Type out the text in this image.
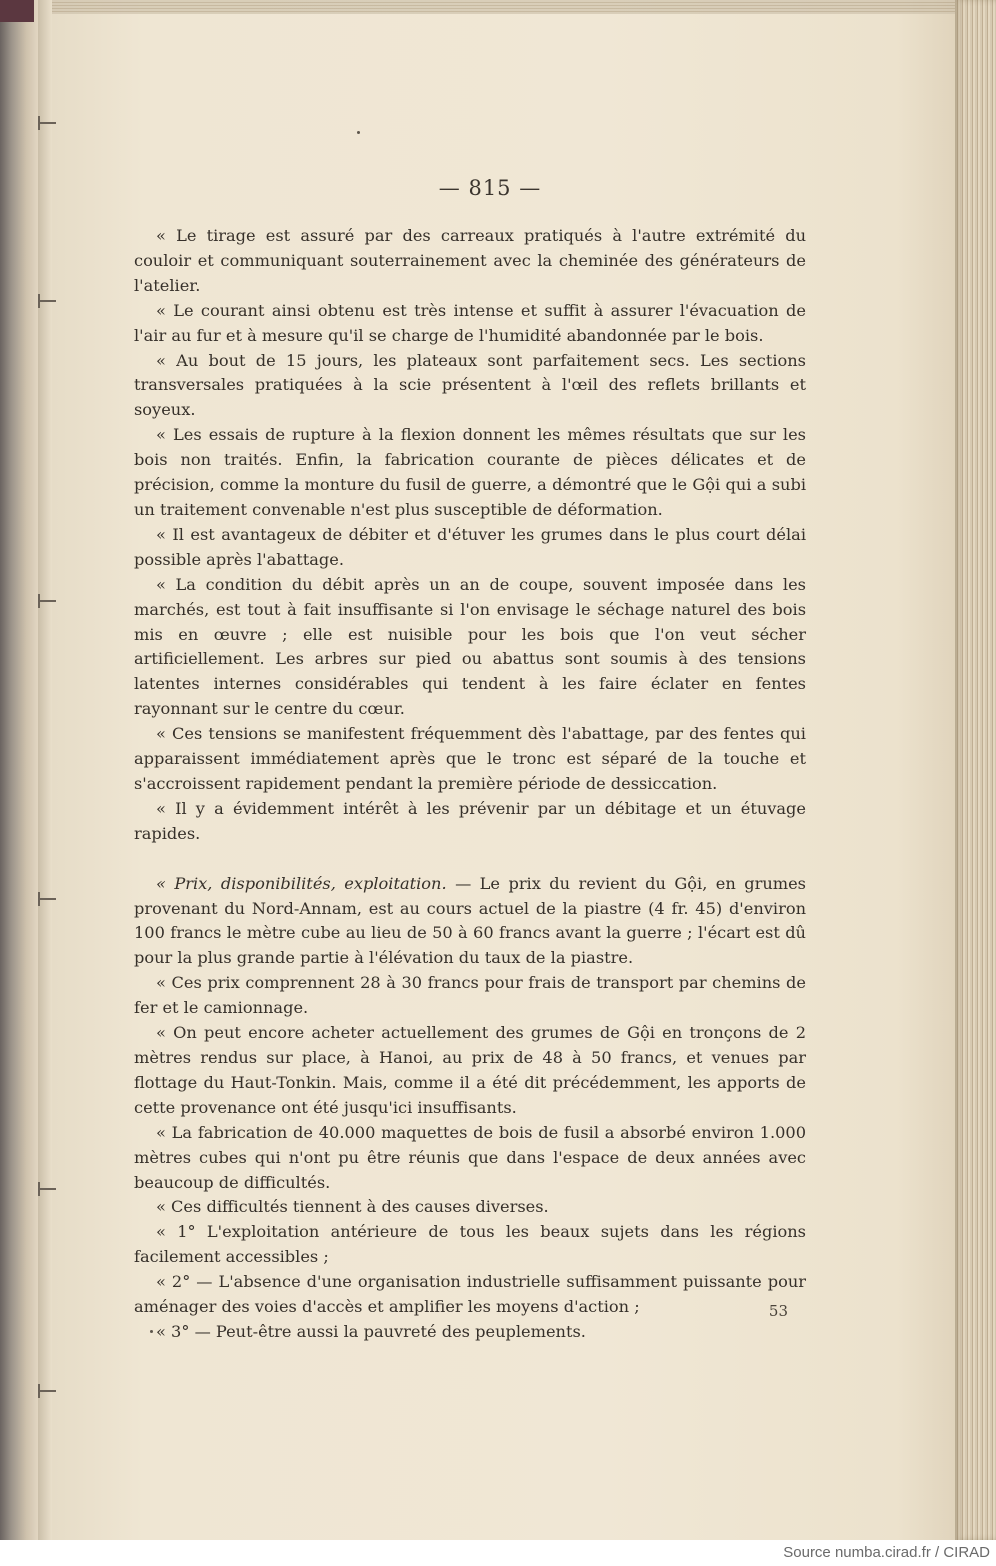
— 815 —

« Le tirage est assuré par des carreaux pratiqués à l'autre extrémité du couloir et communiquant souterrainement avec la cheminée des générateurs de l'atelier.

« Le courant ainsi obtenu est très intense et suffit à assurer l'évacuation de l'air au fur et à mesure qu'il se charge de l'humidité abandonnée par le bois.

« Au bout de 15 jours, les plateaux sont parfaitement secs. Les sections transversales pratiquées à la scie présentent à l'œil des reflets brillants et soyeux.

« Les essais de rupture à la flexion donnent les mêmes résultats que sur les bois non traités. Enfin, la fabrication courante de pièces délicates et de précision, comme la monture du fusil de guerre, a démontré que le Gội qui a subi un traitement convenable n'est plus susceptible de déformation.

« Il est avantageux de débiter et d'étuver les grumes dans le plus court délai possible après l'abattage.

« La condition du débit après un an de coupe, souvent imposée dans les marchés, est tout à fait insuffisante si l'on envisage le séchage naturel des bois mis en œuvre ; elle est nuisible pour les bois que l'on veut sécher artificiellement. Les arbres sur pied ou abattus sont soumis à des tensions latentes internes considérables qui tendent à les faire éclater en fentes rayonnant sur le centre du cœur.

« Ces tensions se manifestent fréquemment dès l'abattage, par des fentes qui apparaissent immédiatement après que le tronc est séparé de la touche et s'accroissent rapidement pendant la première période de dessiccation.

« Il y a évidemment intérêt à les prévenir par un débitage et un étuvage rapides.

« Prix, disponibilités, exploitation. — Le prix du revient du Gội, en grumes provenant du Nord-Annam, est au cours actuel de la piastre (4 fr. 45) d'environ 100 francs le mètre cube au lieu de 50 à 60 francs avant la guerre ; l'écart est dû pour la plus grande partie à l'élévation du taux de la piastre.

« Ces prix comprennent 28 à 30 francs pour frais de transport par chemins de fer et le camionnage.

« On peut encore acheter actuellement des grumes de Gội en tronçons de 2 mètres rendus sur place, à Hanoi, au prix de 48 à 50 francs, et venues par flottage du Haut-Tonkin. Mais, comme il a été dit précédemment, les apports de cette provenance ont été jusqu'ici insuffisants.

« La fabrication de 40.000 maquettes de bois de fusil a absorbé environ 1.000 mètres cubes qui n'ont pu être réunis que dans l'espace de deux années avec beaucoup de difficultés.

« Ces difficultés tiennent à des causes diverses.

« 1° L'exploitation antérieure de tous les beaux sujets dans les régions facilement accessibles ;

« 2° — L'absence d'une organisation industrielle suffisamment puissante pour aménager des voies d'accès et amplifier les moyens d'action ;

« 3° — Peut-être aussi la pauvreté des peuplements.

53
Source numba.cirad.fr / CIRAD
